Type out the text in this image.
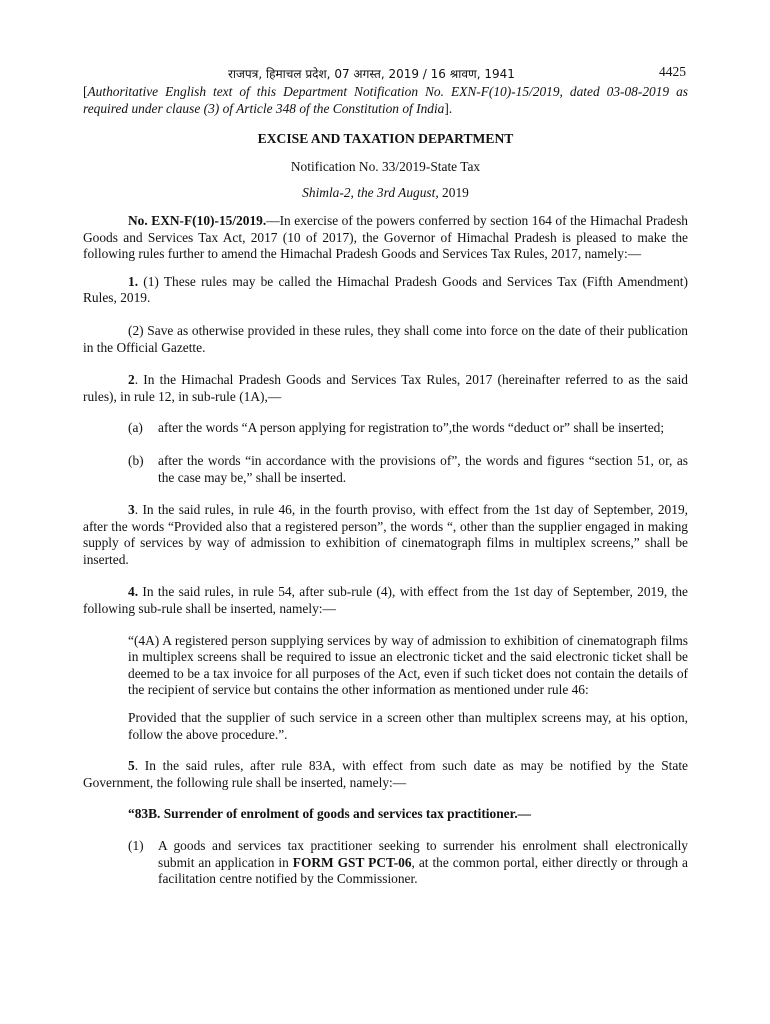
राजपत्र, हिमाचल प्रदेश, 07 अगस्त, 2019 / 16 श्रावण, 1941	4425
[Authoritative English text of this Department Notification No. EXN-F(10)-15/2019, dated 03-08-2019 as required under clause (3) of Article 348 of the Constitution of India].
EXCISE AND TAXATION DEPARTMENT
Notification No. 33/2019-State Tax
Shimla-2, the 3rd August, 2019

No. EXN-F(10)-15/2019.—In exercise of the powers conferred by section 164 of the Himachal Pradesh Goods and Services Tax Act, 2017 (10 of 2017), the Governor of Himachal Pradesh is pleased to make the following rules further to amend the Himachal Pradesh Goods and Services Tax Rules, 2017, namely:—

1. (1) These rules may be called the Himachal Pradesh Goods and Services Tax (Fifth Amendment) Rules, 2019.

(2) Save as otherwise provided in these rules, they shall come into force on the date of their publication in the Official Gazette.

2. In the Himachal Pradesh Goods and Services Tax Rules, 2017 (hereinafter referred to as the said rules), in rule 12, in sub-rule (1A),—

(a) after the words “A person applying for registration to”,the words “deduct or” shall be inserted;
(b) after the words “in accordance with the provisions of”, the words and figures “section 51, or, as the case may be,” shall be inserted.

3. In the said rules, in rule 46, in the fourth proviso, with effect from the 1st day of September, 2019, after the words “Provided also that a registered person”, the words “, other than the supplier engaged in making supply of services by way of admission to exhibition of cinematograph films in multiplex screens,” shall be inserted.

4. In the said rules, in rule 54, after sub-rule (4), with effect from the 1st day of September, 2019, the following sub-rule shall be inserted, namely:—

“(4A) A registered person supplying services by way of admission to exhibition of cinematograph films in multiplex screens shall be required to issue an electronic ticket and the said electronic ticket shall be deemed to be a tax invoice for all purposes of the Act, even if such ticket does not contain the details of the recipient of service but contains the other information as mentioned under rule 46:

Provided that the supplier of such service in a screen other than multiplex screens may, at his option, follow the above procedure.”.

5. In the said rules, after rule 83A, with effect from such date as may be notified by the State Government, the following rule shall be inserted, namely:—

“83B. Surrender of enrolment of goods and services tax practitioner.—

(1) A goods and services tax practitioner seeking to surrender his enrolment shall electronically submit an application in FORM GST PCT-06, at the common portal, either directly or through a facilitation centre notified by the Commissioner.
